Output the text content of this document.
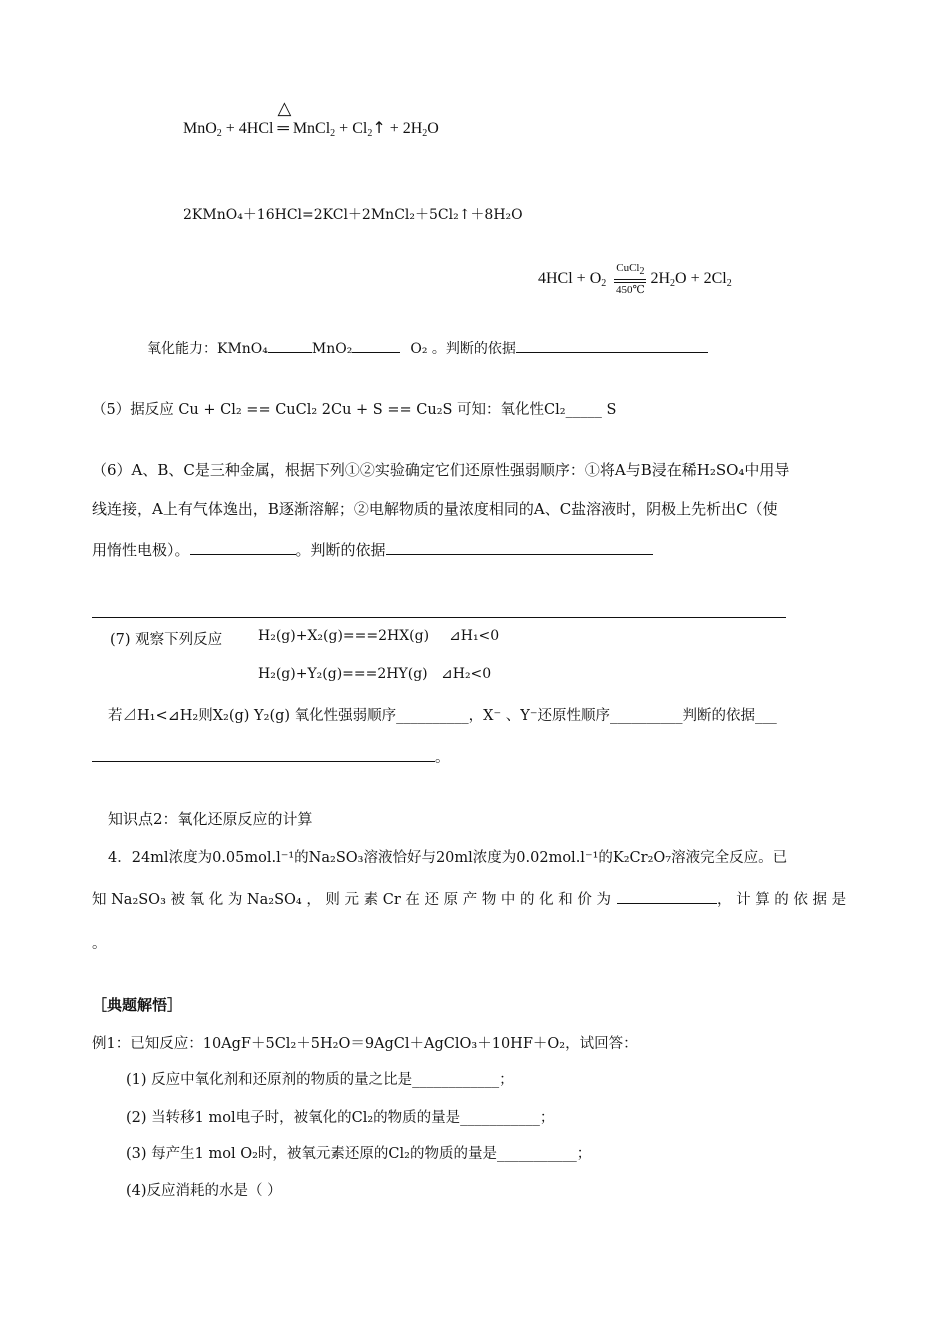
MnO$_2$ + 4HCl
△
═ MnCl$_2$ + $Cl_2↑ + 2H_2O$
2KMnO₄＋16HCl=2KCl＋2MnCl₂＋5Cl₂↑＋8H₂O
$4HCl + O_2 \frac{CuCl_2}{450℃} 2H_2O + 2Cl_2$
氧化能力：KMnO₄	MnO₂	O₂ 。判断的依据
（5）据反应 Cu + Cl₂ == CuCl₂ 2Cu + S == Cu₂S 可知：氧化性Cl₂_____ S
（6）A、B、C是三种金属，根据下列①②实验确定它们还原性强弱顺序：①将A与B浸在稀H₂SO₄中用导
线连接，A上有气体逸出，B逐渐溶解；②电解物质的量浓度相同的A、C盐溶液时，阴极上先析出C（使
用惰性电极）。	。判断的依据
(7) 观察下列反应	H₂(g)+X₂(g)===2HX(g) ⊿H₁<0
H₂(g)+Y₂(g)===2HY(g) ⊿H₂<0
若⊿H₁<⊿H₂则X₂(g) Y₂(g) 氧化性强弱顺序__________，X⁻ 、Y⁻还原性顺序__________判断的依据___
。
知识点2：氧化还原反应的计算
4．24ml浓度为0.05mol.l⁻¹的Na₂SO₃溶液恰好与20ml浓度为0.02mol.l⁻¹的K₂Cr₂O₇溶液完全反应。已
知 Na₂SO₃ 被 氧 化 为 Na₂SO₄ ， 则 元 素 Cr 在 还 原 产 物 中 的 化 和 价 为	， 计 算 的 依 据 是
。
［典题解悟］
例1：已知反应：10AgF＋5Cl₂＋5H₂O＝9AgCl＋AgClO₃＋10HF＋O₂，试回答：
(1) 反应中氧化剂和还原剂的物质的量之比是____________；
(2) 当转移1 mol电子时，被氧化的Cl₂的物质的量是___________；
(3) 每产生1 mol O₂时，被氧元素还原的Cl₂的物质的量是___________；
(4)反应消耗的水是（ ）
